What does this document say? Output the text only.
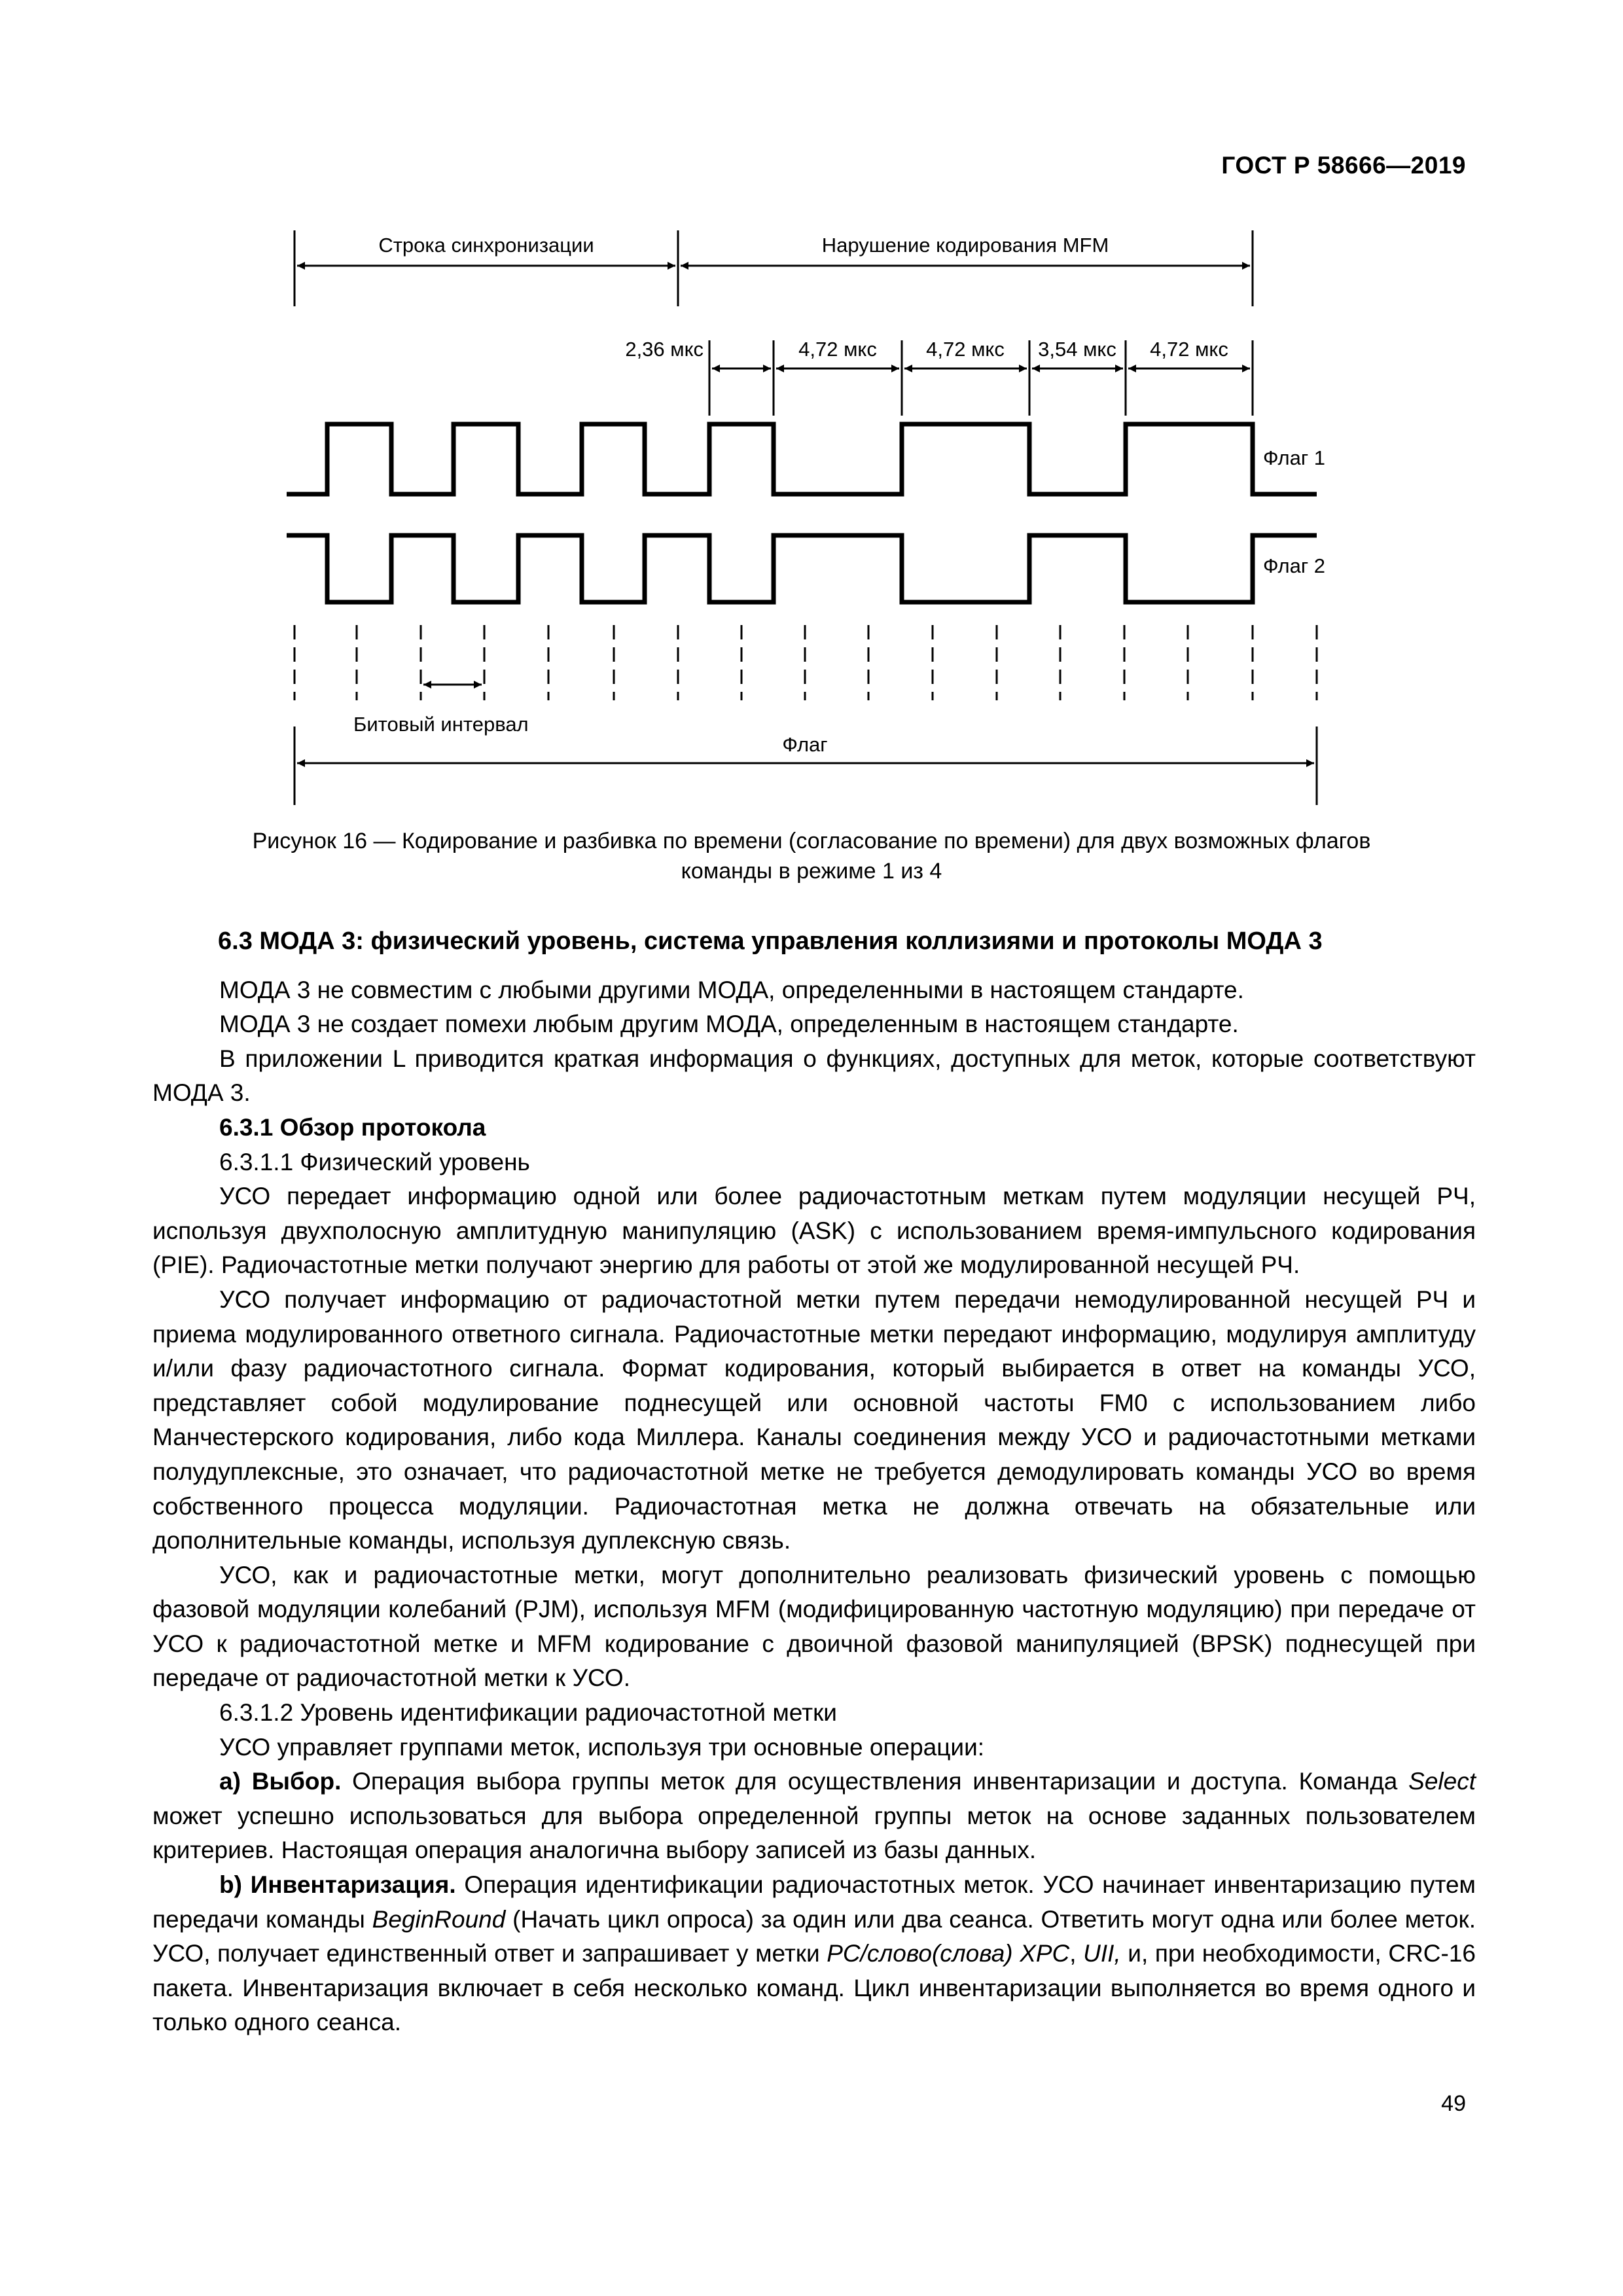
ГОСТ Р 58666—2019
Строка синхронизации	Нарушение кодирования MFM
2,36 мкс	4,72 мкс 4,72 мкс 3,54 мкс 4,72 мкс
Флаг 1
Флаг 2
Битовый интервал
Флаг
Рисунок 16 — Кодирование и разбивка по времени (согласование по времени) для двух возможных флагов
команды в режиме 1 из 4

6.3 МОДА 3: физический уровень, система управления коллизиями и протоколы МОДА 3

МОДА 3 не совместим с любыми другими МОДА, определенными в настоящем стандарте.

МОДА 3 не создает помехи любым другим МОДА, определенным в настоящем стандарте.

В приложении L приводится краткая информация о функциях, доступных для меток, которые соответствуют МОДА 3.

6.3.1 Обзор протокола

6.3.1.1 Физический уровень

УСО передает информацию одной или более радиочастотным меткам путем модуляции несущей РЧ, используя двухполосную амплитудную манипуляцию (ASK) с использованием время-импульсного кодирования (PIE). Радиочастотные метки получают энергию для работы от этой же модулированной несущей РЧ.

УСО получает информацию от радиочастотной метки путем передачи немодулированной несущей РЧ и приема модулированного ответного сигнала. Радиочастотные метки передают информацию, модулируя амплитуду и/или фазу радиочастотного сигнала. Формат кодирования, который выбирается в ответ на команды УСО, представляет собой модулирование поднесущей или основной частоты FM0 с использованием либо Манчестерского кодирования, либо кода Миллера. Каналы соединения между УСО и радиочастотными метками полудуплексные, это означает, что радиочастотной метке не требуется демодулировать команды УСО во время собственного процесса модуляции. Радиочастотная метка не должна отвечать на обязательные или дополнительные команды, используя дуплексную связь.

УСО, как и радиочастотные метки, могут дополнительно реализовать физический уровень с помощью фазовой модуляции колебаний (PJM), используя MFM (модифицированную частотную модуляцию) при передаче от УСО к радиочастотной метке и MFM кодирование с двоичной фазовой манипуляцией (BPSK) поднесущей при передаче от радиочастотной метки к УСО.

6.3.1.2 Уровень идентификации радиочастотной метки

УСО управляет группами меток, используя три основные операции:

а) Выбор. Операция выбора группы меток для осуществления инвентаризации и доступа. Команда Select может успешно использоваться для выбора определенной группы меток на основе заданных пользователем критериев. Настоящая операция аналогична выбору записей из базы данных.

b) Инвентаризация. Операция идентификации радиочастотных меток. УСО начинает инвентаризацию путем передачи команды BeginRound (Начать цикл опроса) за один или два сеанса. Ответить могут одна или более меток. УСО, получает единственный ответ и запрашивает у метки PC/слово(слова) XPC, UII, и, при необходимости, CRC-16 пакета. Инвентаризация включает в себя несколько команд. Цикл инвентаризации выполняется во время одного и только одного сеанса.

49
